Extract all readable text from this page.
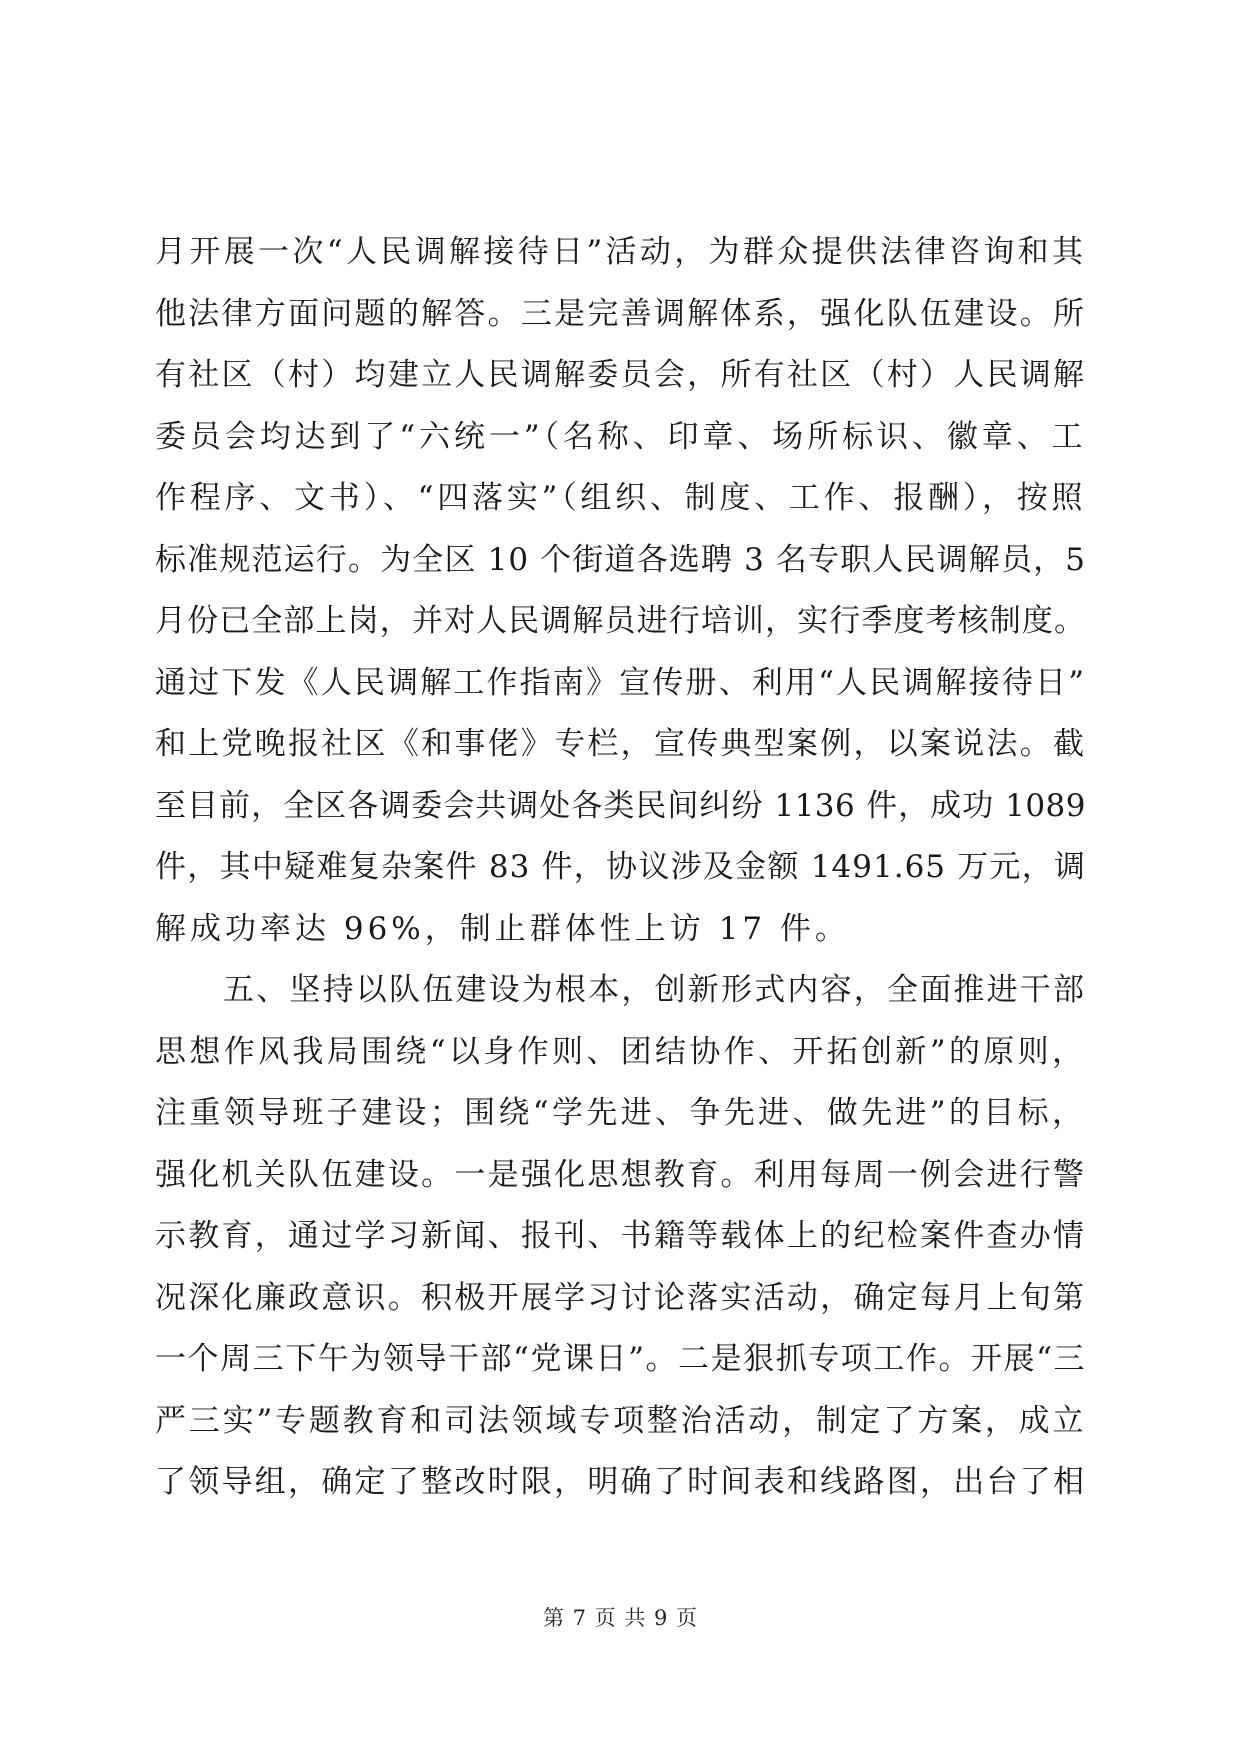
月开展一次“人民调解接待日”活动，为群众提供法律咨询和其
他法律方面问题的解答。三是完善调解体系，强化队伍建设。所
有社区（村）均建立人民调解委员会，所有社区（村）人民调解
委员会均达到了“六统一”（名称、印章、场所标识、徽章、工
作程序、文书）、“四落实”（组织、制度、工作、报酬），按照
标准规范运行。为全区 10 个街道各选聘 3 名专职人民调解员，5
月份已全部上岗，并对人民调解员进行培训，实行季度考核制度。
通过下发《人民调解工作指南》宣传册、利用“人民调解接待日”
和上党晚报社区《和事佬》专栏，宣传典型案例，以案说法。截
至目前，全区各调委会共调处各类民间纠纷 1136 件，成功 1089
件，其中疑难复杂案件 83 件，协议涉及金额 1491.65 万元，调
解成功率达 96%，制止群体性上访 17 件。
五、坚持以队伍建设为根本，创新形式内容，全面推进干部
思想作风我局围绕“以身作则、团结协作、开拓创新”的原则，
注重领导班子建设；围绕“学先进、争先进、做先进”的目标，
强化机关队伍建设。一是强化思想教育。利用每周一例会进行警
示教育，通过学习新闻、报刊、书籍等载体上的纪检案件查办情
况深化廉政意识。积极开展学习讨论落实活动，确定每月上旬第
一个周三下午为领导干部“党课日”。二是狠抓专项工作。开展“三
严三实”专题教育和司法领域专项整治活动，制定了方案，成立
了领导组，确定了整改时限，明确了时间表和线路图，出台了相
第 7 页 共 9 页
